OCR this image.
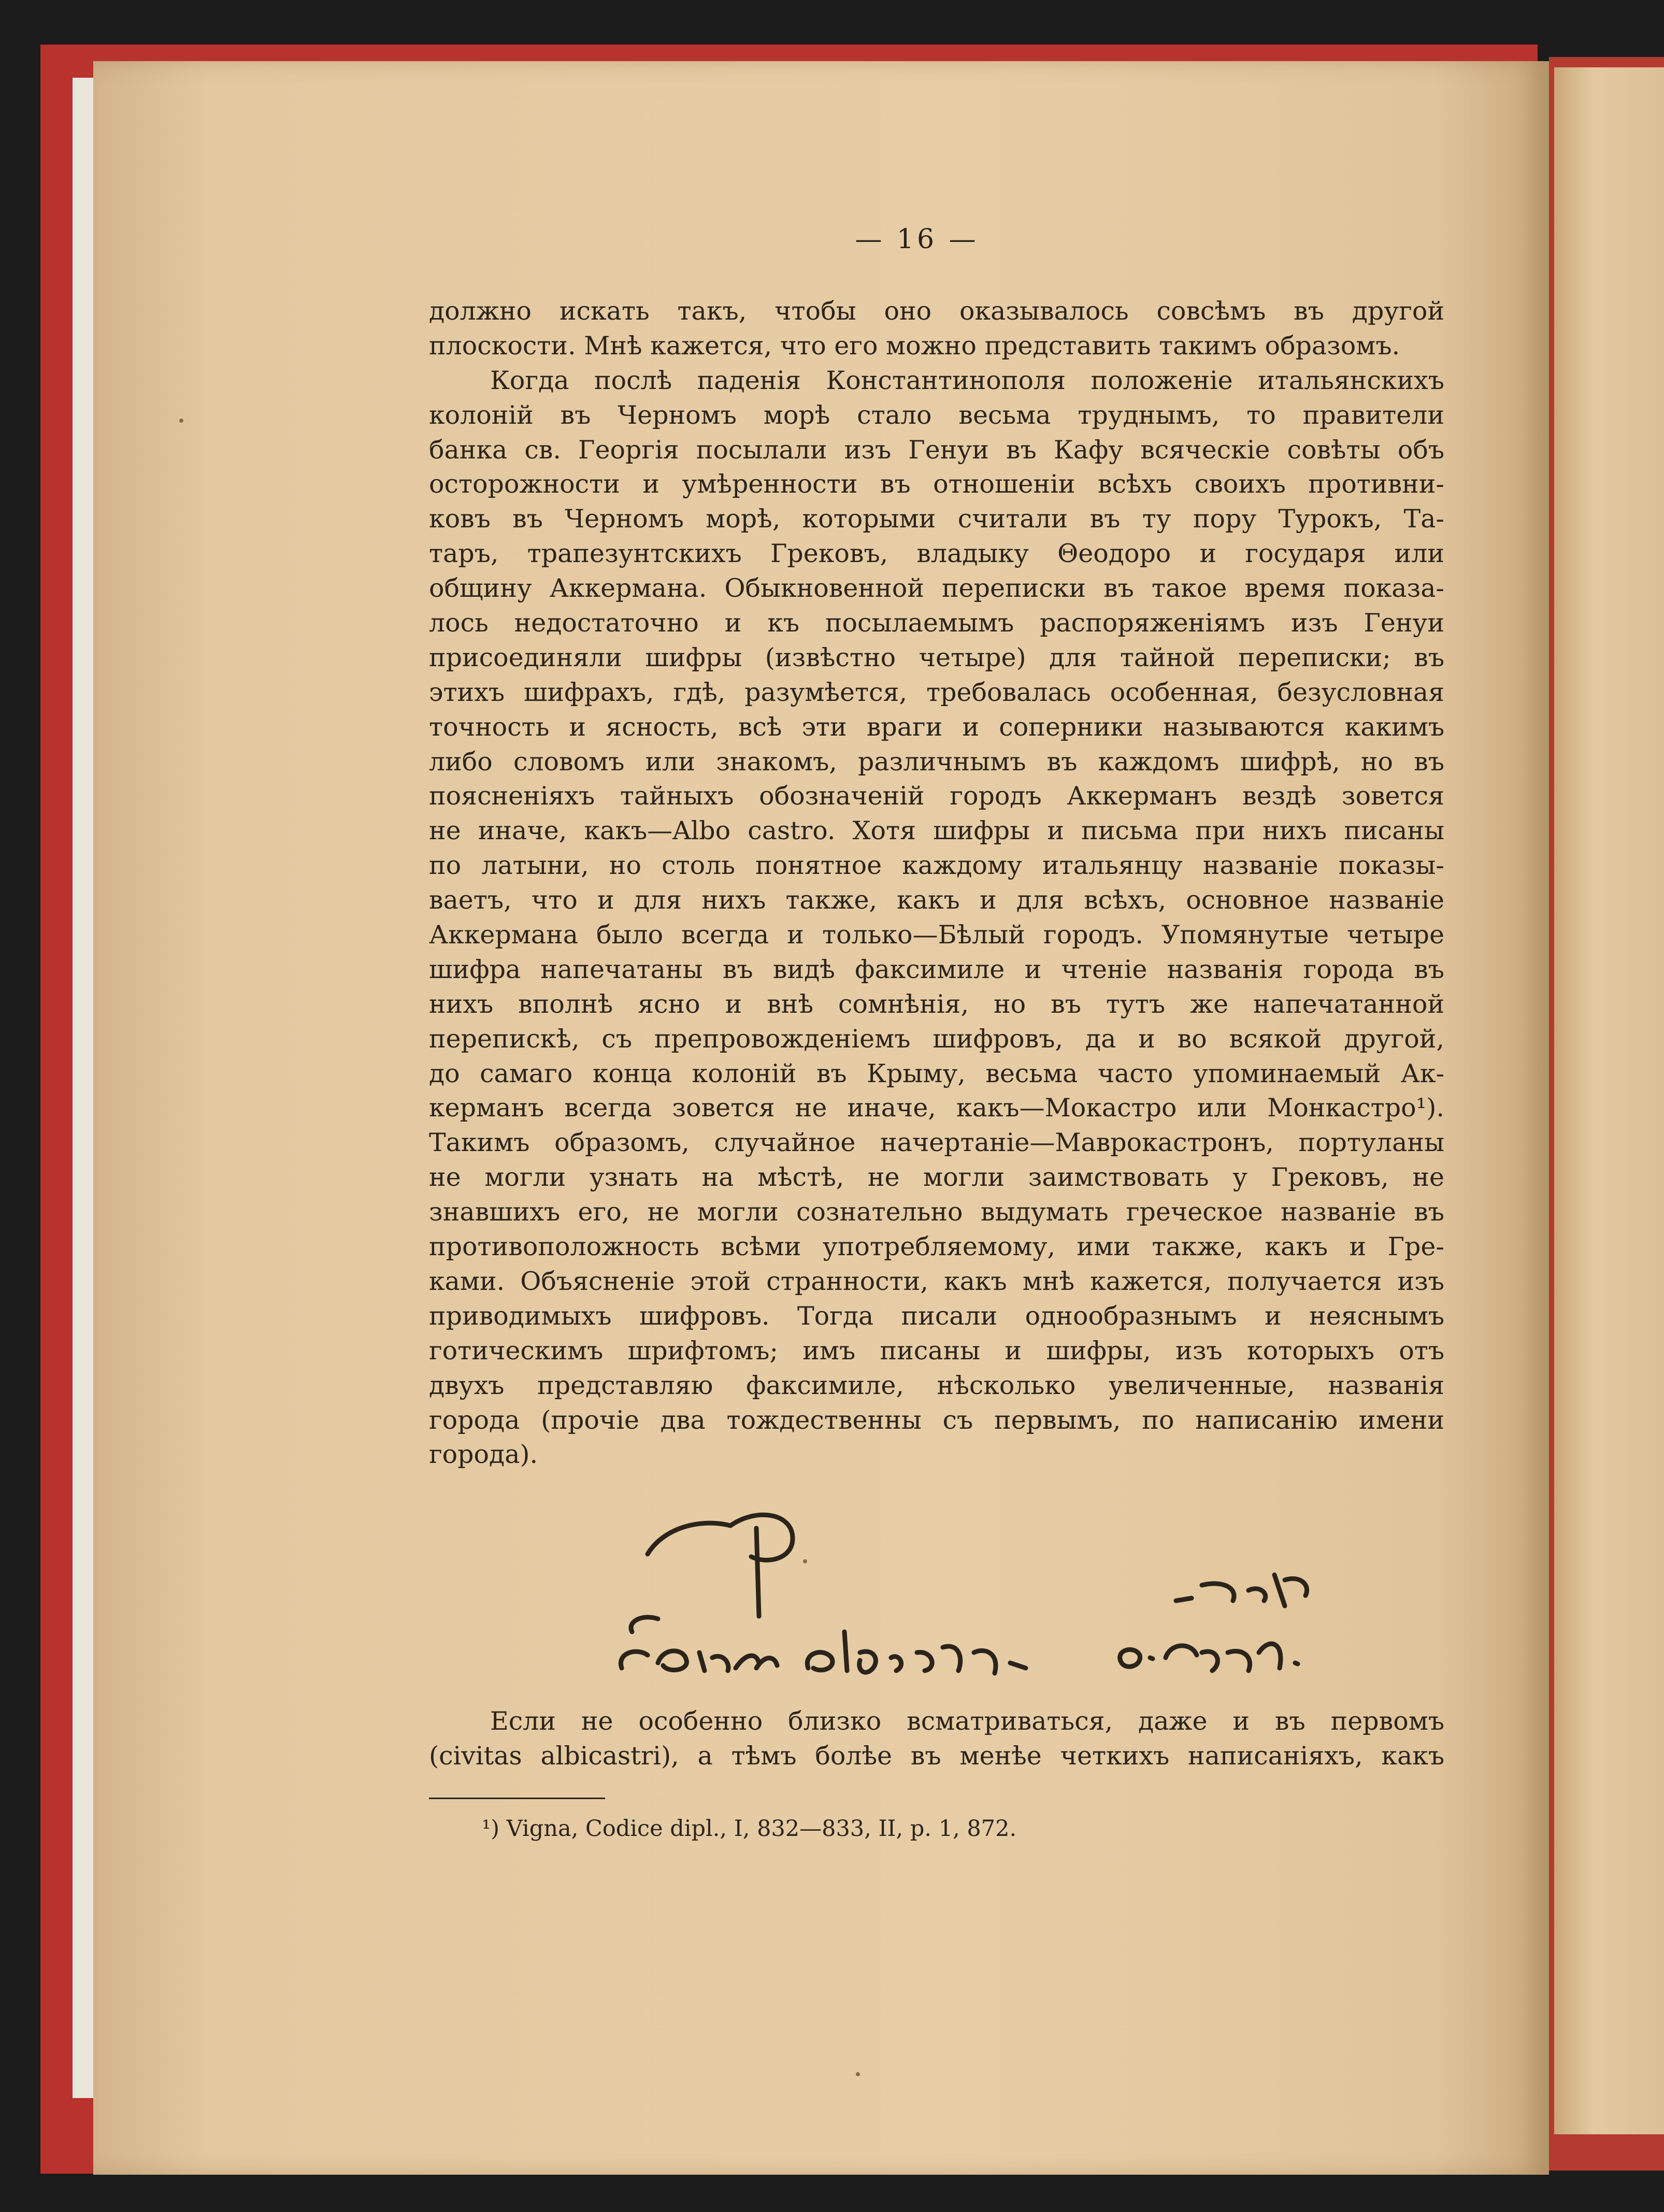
— 16 —
должно искать такъ, чтобы оно оказывалось совсѣмъ въ другой
плоскости. Мнѣ кажется, что его можно представить такимъ образомъ.
Когда послѣ паденія Константинополя положеніе итальянскихъ
колоній въ Черномъ морѣ стало весьма труднымъ, то правители
банка св. Георгія посылали изъ Генуи въ Кафу всяческіе совѣты объ
осторожности и умѣренности въ отношеніи всѣхъ своихъ противни-
ковъ въ Черномъ морѣ, которыми считали въ ту пору Турокъ, Та-
таръ, трапезунтскихъ Грековъ, владыку Θеодоро и государя или
общину Аккермана. Обыкновенной переписки въ такое время показа-
лось недостаточно и къ посылаемымъ распоряженіямъ изъ Генуи
присоединяли шифры (извѣстно четыре) для тайной переписки; въ
этихъ шифрахъ, гдѣ, разумѣется, требовалась особенная, безусловная
точность и ясность, всѣ эти враги и соперники называются какимъ
либо словомъ или знакомъ, различнымъ въ каждомъ шифрѣ, но въ
поясненіяхъ тайныхъ обозначеній городъ Аккерманъ вездѣ зовется
не иначе, какъ—Albo castro. Хотя шифры и письма при нихъ писаны
по латыни, но столь понятное каждому итальянцу названіе показы-
ваетъ, что и для нихъ также, какъ и для всѣхъ, основное названіе
Аккермана было всегда и только—Бѣлый городъ. Упомянутые четыре
шифра напечатаны въ видѣ факсимиле и чтеніе названія города въ
нихъ вполнѣ ясно и внѣ сомнѣнія, но въ тутъ же напечатанной
перепискѣ, съ препровожденіемъ шифровъ, да и во всякой другой,
до самаго конца колоній въ Крыму, весьма часто упоминаемый Ак-
керманъ всегда зовется не иначе, какъ—Мокастро или Монкастро¹).
Такимъ образомъ, случайное начертаніе—Маврокастронъ, портуланы
не могли узнать на мѣстѣ, не могли заимствовать у Грековъ, не
знавшихъ его, не могли сознательно выдумать греческое названіе въ
противоположность всѣми употребляемому, ими также, какъ и Гре-
ками. Объясненіе этой странности, какъ мнѣ кажется, получается изъ
приводимыхъ шифровъ. Тогда писали однообразнымъ и неяснымъ
готическимъ шрифтомъ; имъ писаны и шифры, изъ которыхъ отъ
двухъ представляю факсимиле, нѣсколько увеличенные, названія
города (прочіе два тождественны съ первымъ, по написанію имени
города).
Если не особенно близко всматриваться, даже и въ первомъ
(civitas albicastri), а тѣмъ болѣе въ менѣе четкихъ написаніяхъ, какъ
¹) Vigna, Codice dipl., I, 832—833, II, p. 1, 872.
